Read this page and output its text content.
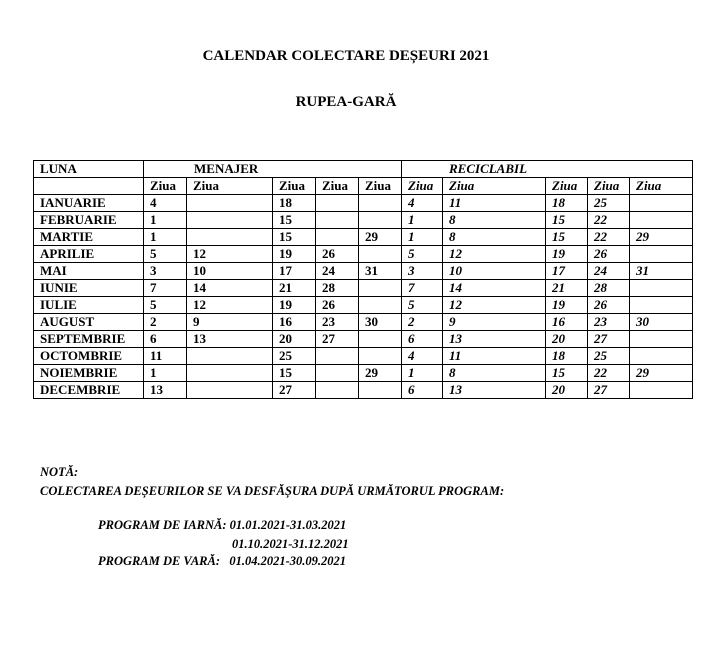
CALENDAR COLECTARE DEȘEURI 2021
RUPEA-GARĂ
LUNA	MENAJER					RECICLABIL				
	Ziua	Ziua	Ziua	Ziua	Ziua	Ziua	Ziua	Ziua	Ziua	Ziua
IANUARIE	4		18			4	11	18	25	
FEBRUARIE	1		15			1	8	15	22	
MARTIE	1		15		29	1	8	15	22	29
APRILIE	5	12	19	26		5	12	19	26	
MAI	3	10	17	24	31	3	10	17	24	31
IUNIE	7	14	21	28		7	14	21	28	
IULIE	5	12	19	26		5	12	19	26	
AUGUST	2	9	16	23	30	2	9	16	23	30
SEPTEMBRIE	6	13	20	27		6	13	20	27	
OCTOMBRIE	11		25			4	11	18	25	
NOIEMBRIE	1		15		29	1	8	15	22	29
DECEMBRIE	13		27			6	13	20	27	

NOTĂ:

COLECTAREA DEȘEURILOR SE VA DESFĂȘURA DUPĂ URMĂTORUL PROGRAM:

PROGRAM DE IARNĂ: 01.01.2021-31.03.2021

01.10.2021-31.12.2021

PROGRAM DE VARĂ: 01.04.2021-30.09.2021
